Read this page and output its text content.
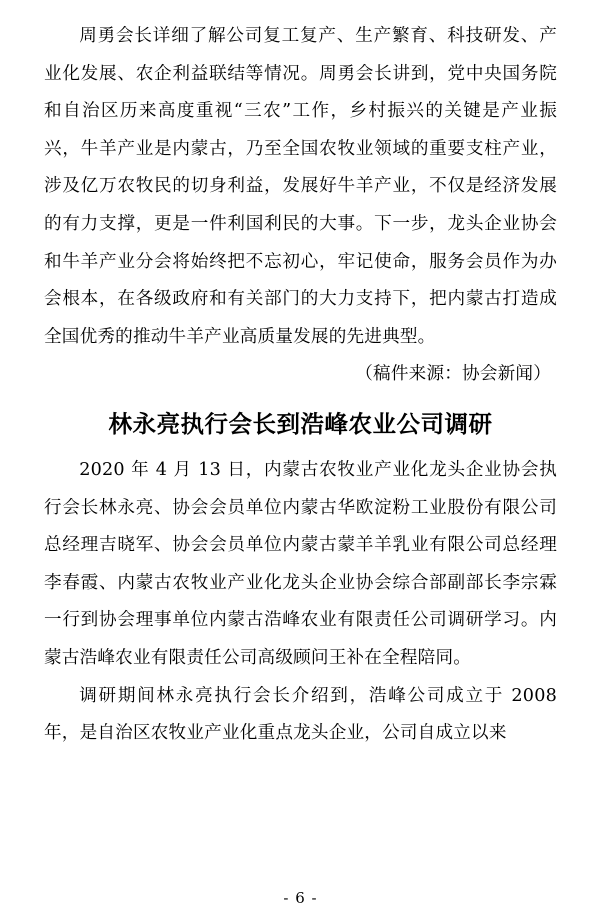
周勇会长详细了解公司复工复产、生产繁育、科技研发、产业化发展、农企利益联结等情况。周勇会长讲到，党中央国务院和自治区历来高度重视“三农”工作，乡村振兴的关键是产业振兴，牛羊产业是内蒙古，乃至全国农牧业领域的重要支柱产业，涉及亿万农牧民的切身利益，发展好牛羊产业，不仅是经济发展的有力支撑，更是一件利国利民的大事。下一步，龙头企业协会和牛羊产业分会将始终把不忘初心，牢记使命，服务会员作为办会根本，在各级政府和有关部门的大力支持下，把内蒙古打造成全国优秀的推动牛羊产业高质量发展的先进典型。

（稿件来源：协会新闻）

林永亮执行会长到浩峰农业公司调研

2020 年 4 月 13 日，内蒙古农牧业产业化龙头企业协会执行会长林永亮、协会会员单位内蒙古华欧淀粉工业股份有限公司总经理吉晓军、协会会员单位内蒙古蒙羊羊乳业有限公司总经理李春霞、内蒙古农牧业产业化龙头企业协会综合部副部长李宗霖一行到协会理事单位内蒙古浩峰农业有限责任公司调研学习。内蒙古浩峰农业有限责任公司高级顾问王补在全程陪同。

调研期间林永亮执行会长介绍到，浩峰公司成立于 2008 年，是自治区农牧业产业化重点龙头企业，公司自成立以来

- 6 -
